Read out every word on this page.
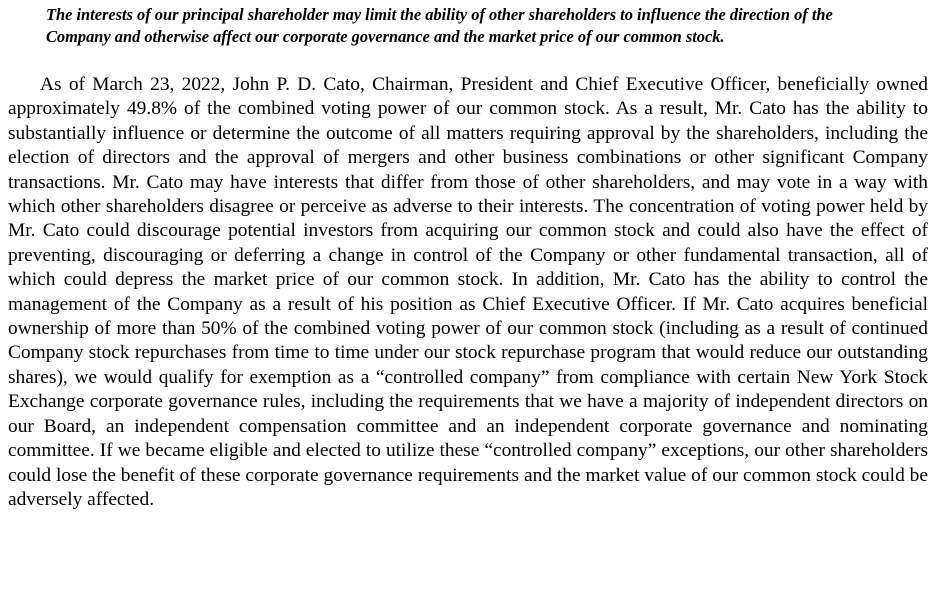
The interests of our principal shareholder may limit the ability of other shareholders to influence the direction of the Company and otherwise affect our corporate governance and the market price of our common stock.

As of March 23, 2022, John P. D. Cato, Chairman, President and Chief Executive Officer, beneficially owned approximately 49.8% of the combined voting power of our common stock. As a result, Mr. Cato has the ability to substantially influence or determine the outcome of all matters requiring approval by the shareholders, including the election of directors and the approval of mergers and other business combinations or other significant Company transactions. Mr. Cato may have interests that differ from those of other shareholders, and may vote in a way with which other shareholders disagree or perceive as adverse to their interests. The concentration of voting power held by Mr. Cato could discourage potential investors from acquiring our common stock and could also have the effect of preventing, discouraging or deferring a change in control of the Company or other fundamental transaction, all of which could depress the market price of our common stock. In addition, Mr. Cato has the ability to control the management of the Company as a result of his position as Chief Executive Officer. If Mr. Cato acquires beneficial ownership of more than 50% of the combined voting power of our common stock (including as a result of continued Company stock repurchases from time to time under our stock repurchase program that would reduce our outstanding shares), we would qualify for exemption as a “controlled company” from compliance with certain New York Stock Exchange corporate governance rules, including the requirements that we have a majority of independent directors on our Board, an independent compensation committee and an independent corporate governance and nominating committee. If we became eligible and elected to utilize these “controlled company” exceptions, our other shareholders could lose the benefit of these corporate governance requirements and the market value of our common stock could be adversely affected.
